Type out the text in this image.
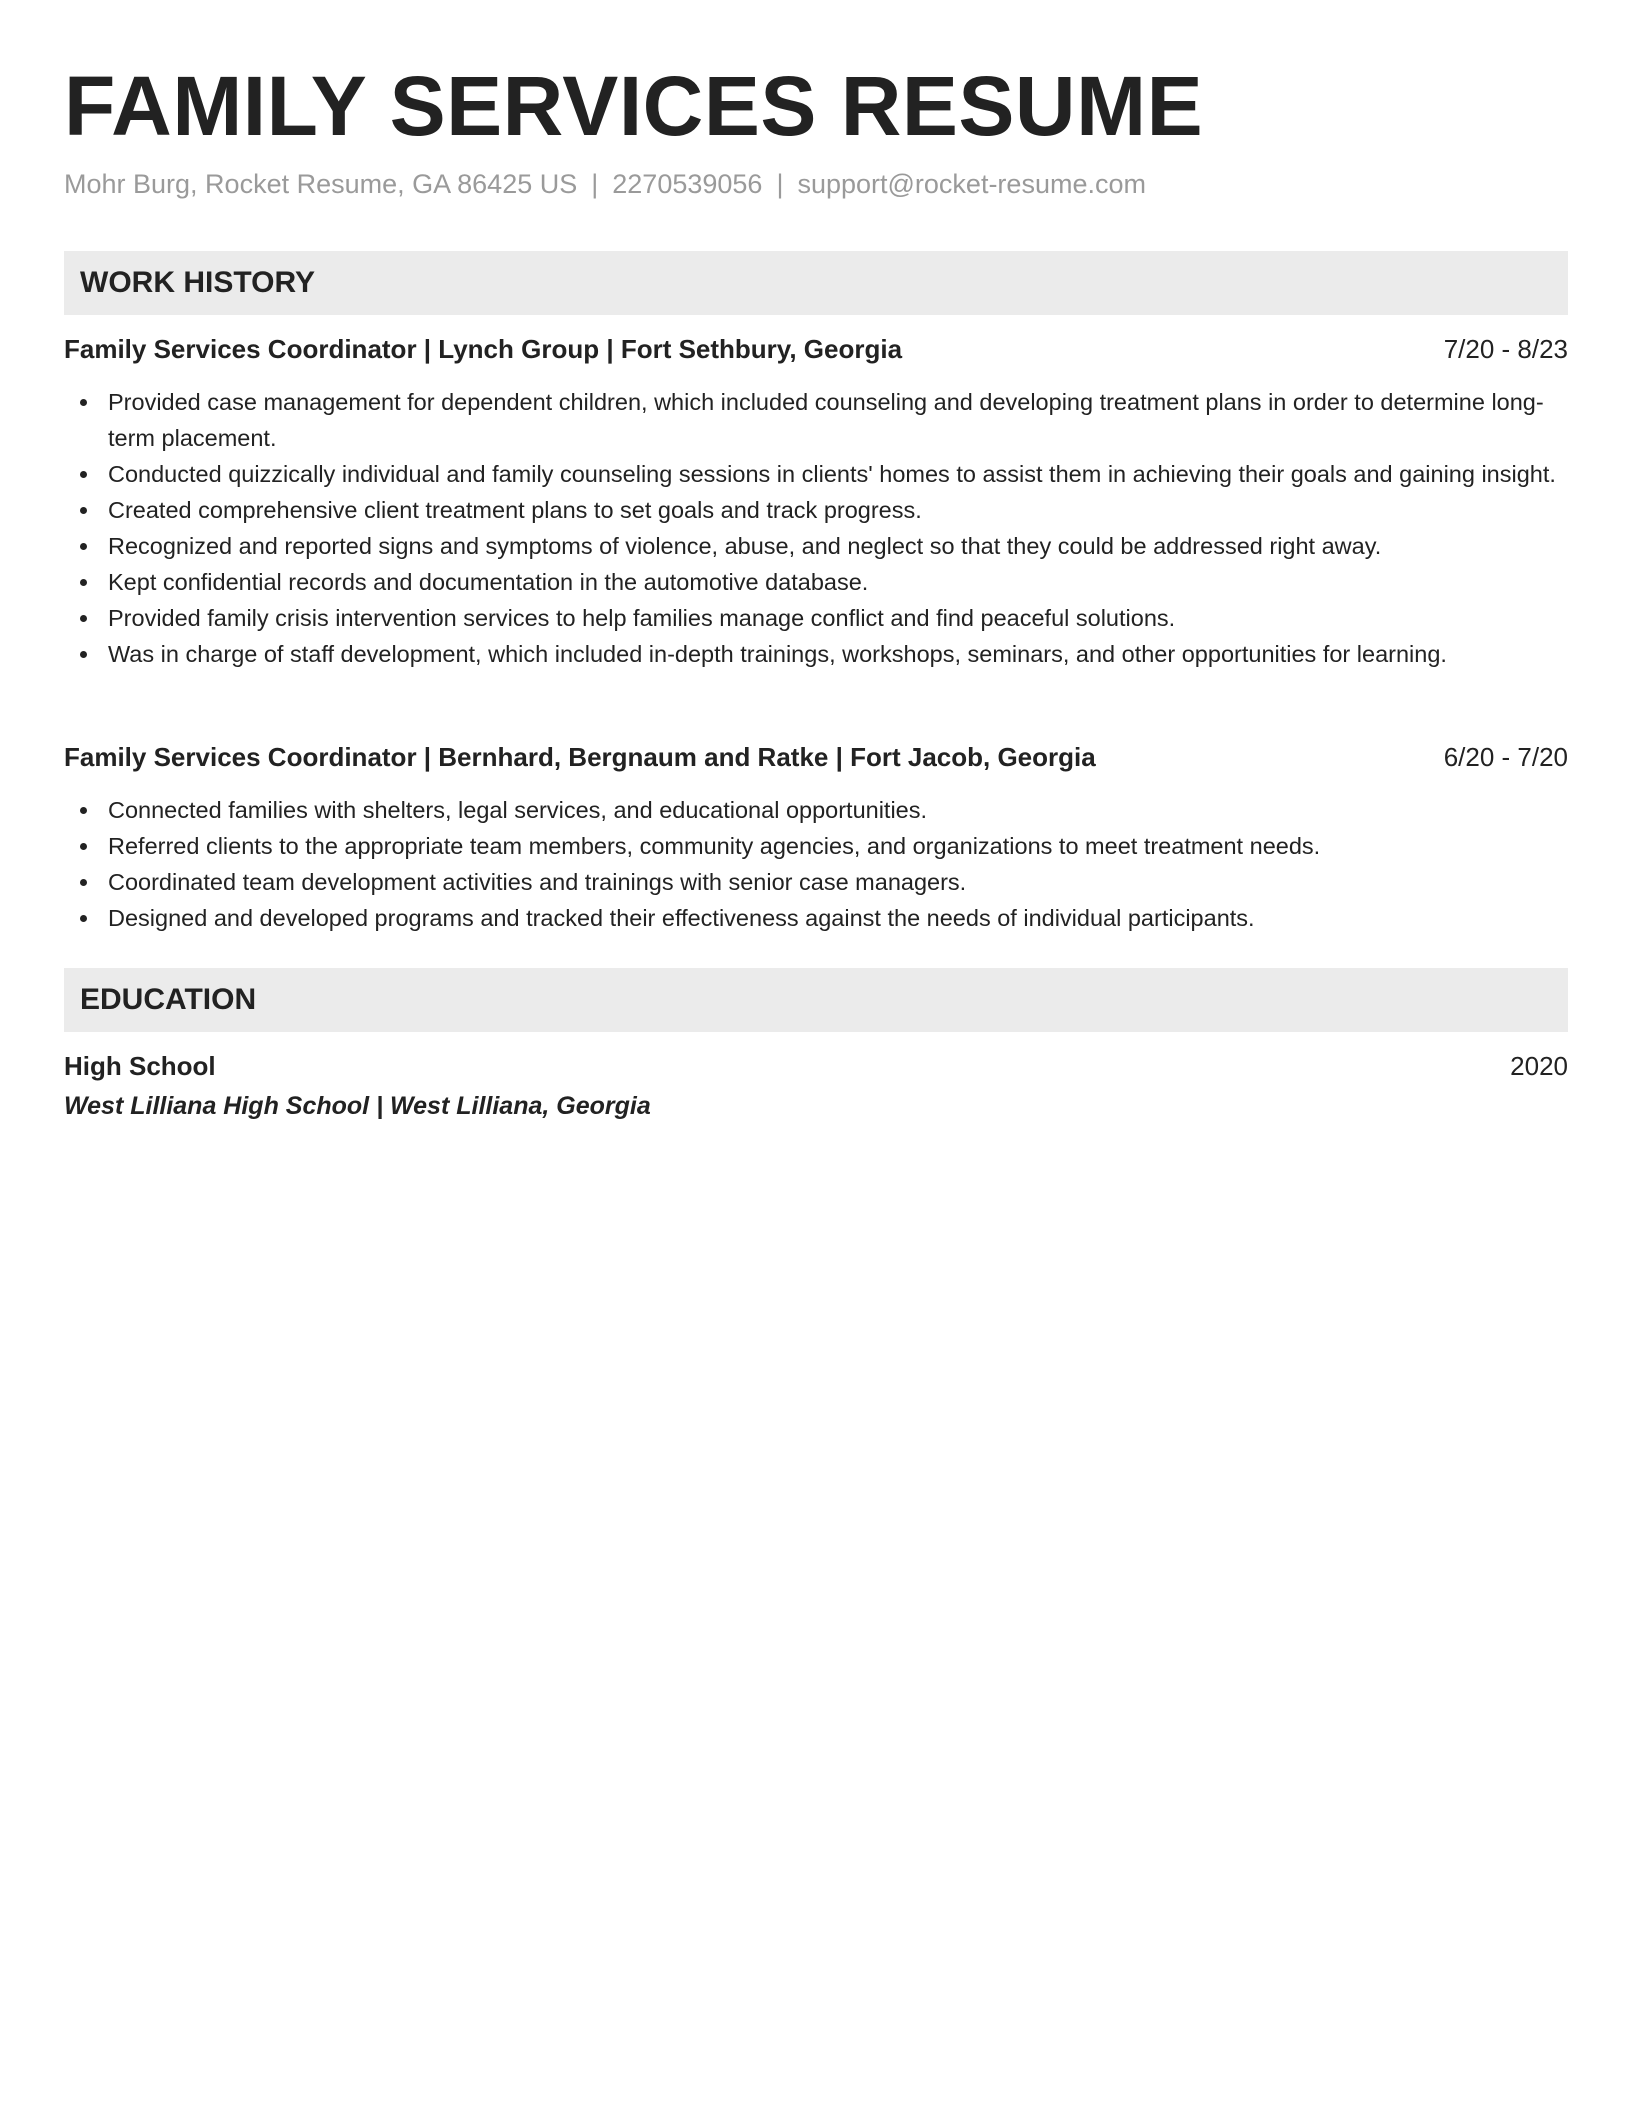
FAMILY SERVICES RESUME
Mohr Burg, Rocket Resume, GA 86425 US | 2270539056 | support@rocket-resume.com
WORK HISTORY
Family Services Coordinator | Lynch Group | Fort Sethbury, Georgia	7/20 - 8/23
Provided case management for dependent children, which included counseling and developing treatment plans in order to determine long-term placement.
Conducted quizzically individual and family counseling sessions in clients' homes to assist them in achieving their goals and gaining insight.
Created comprehensive client treatment plans to set goals and track progress.
Recognized and reported signs and symptoms of violence, abuse, and neglect so that they could be addressed right away.
Kept confidential records and documentation in the automotive database.
Provided family crisis intervention services to help families manage conflict and find peaceful solutions.
Was in charge of staff development, which included in-depth trainings, workshops, seminars, and other opportunities for learning.
Family Services Coordinator | Bernhard, Bergnaum and Ratke | Fort Jacob, Georgia	6/20 - 7/20
Connected families with shelters, legal services, and educational opportunities.
Referred clients to the appropriate team members, community agencies, and organizations to meet treatment needs.
Coordinated team development activities and trainings with senior case managers.
Designed and developed programs and tracked their effectiveness against the needs of individual participants.
EDUCATION
High School	2020
West Lilliana High School | West Lilliana, Georgia
